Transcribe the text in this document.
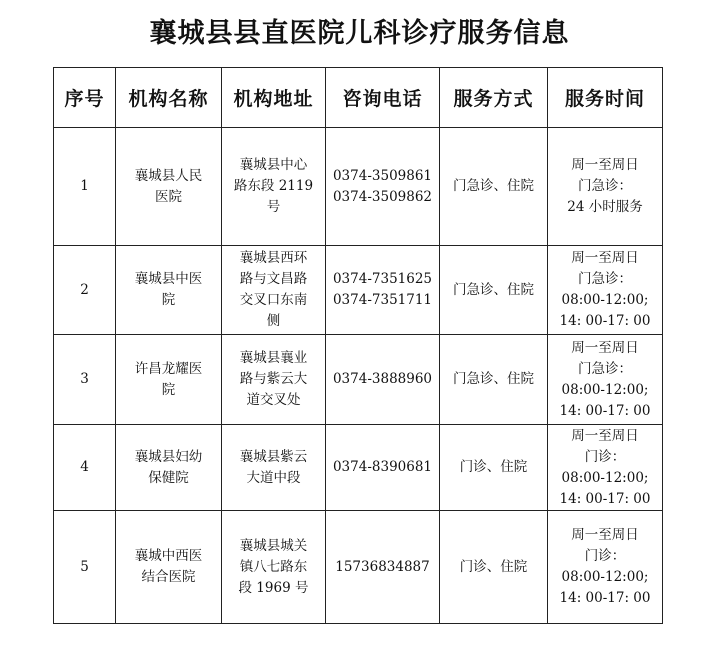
襄城县县直医院儿科诊疗服务信息
序号	机构名称	机构地址	咨询电话	服务方式	服务时间
1	襄城县人民
医院	襄城县中心
路东段 2119
号	0374-3509861
0374-3509862	门急诊、住院	周一至周日
门急诊：
24 小时服务

2	襄城县中医
院	襄城县西环
路与文昌路
交叉口东南
侧	0374-7351625
0374-7351711	门急诊、住院	周一至周日
门急诊：
08:00-12:00;
14: 00-17: 00

3	许昌龙耀医
院	襄城县襄业
路与紫云大
道交叉处	0374-3888960	门急诊、住院	周一至周日
门急诊：
08:00-12:00;
14: 00-17: 00

4	襄城县妇幼
保健院	襄城县紫云
大道中段	0374-8390681	门诊、住院	周一至周日
门诊：
08:00-12:00;
14: 00-17: 00

5	襄城中西医
结合医院	襄城县城关
镇八七路东
段 1969 号	15736834887	门诊、住院	周一至周日
门诊：
08:00-12:00;
14: 00-17: 00
